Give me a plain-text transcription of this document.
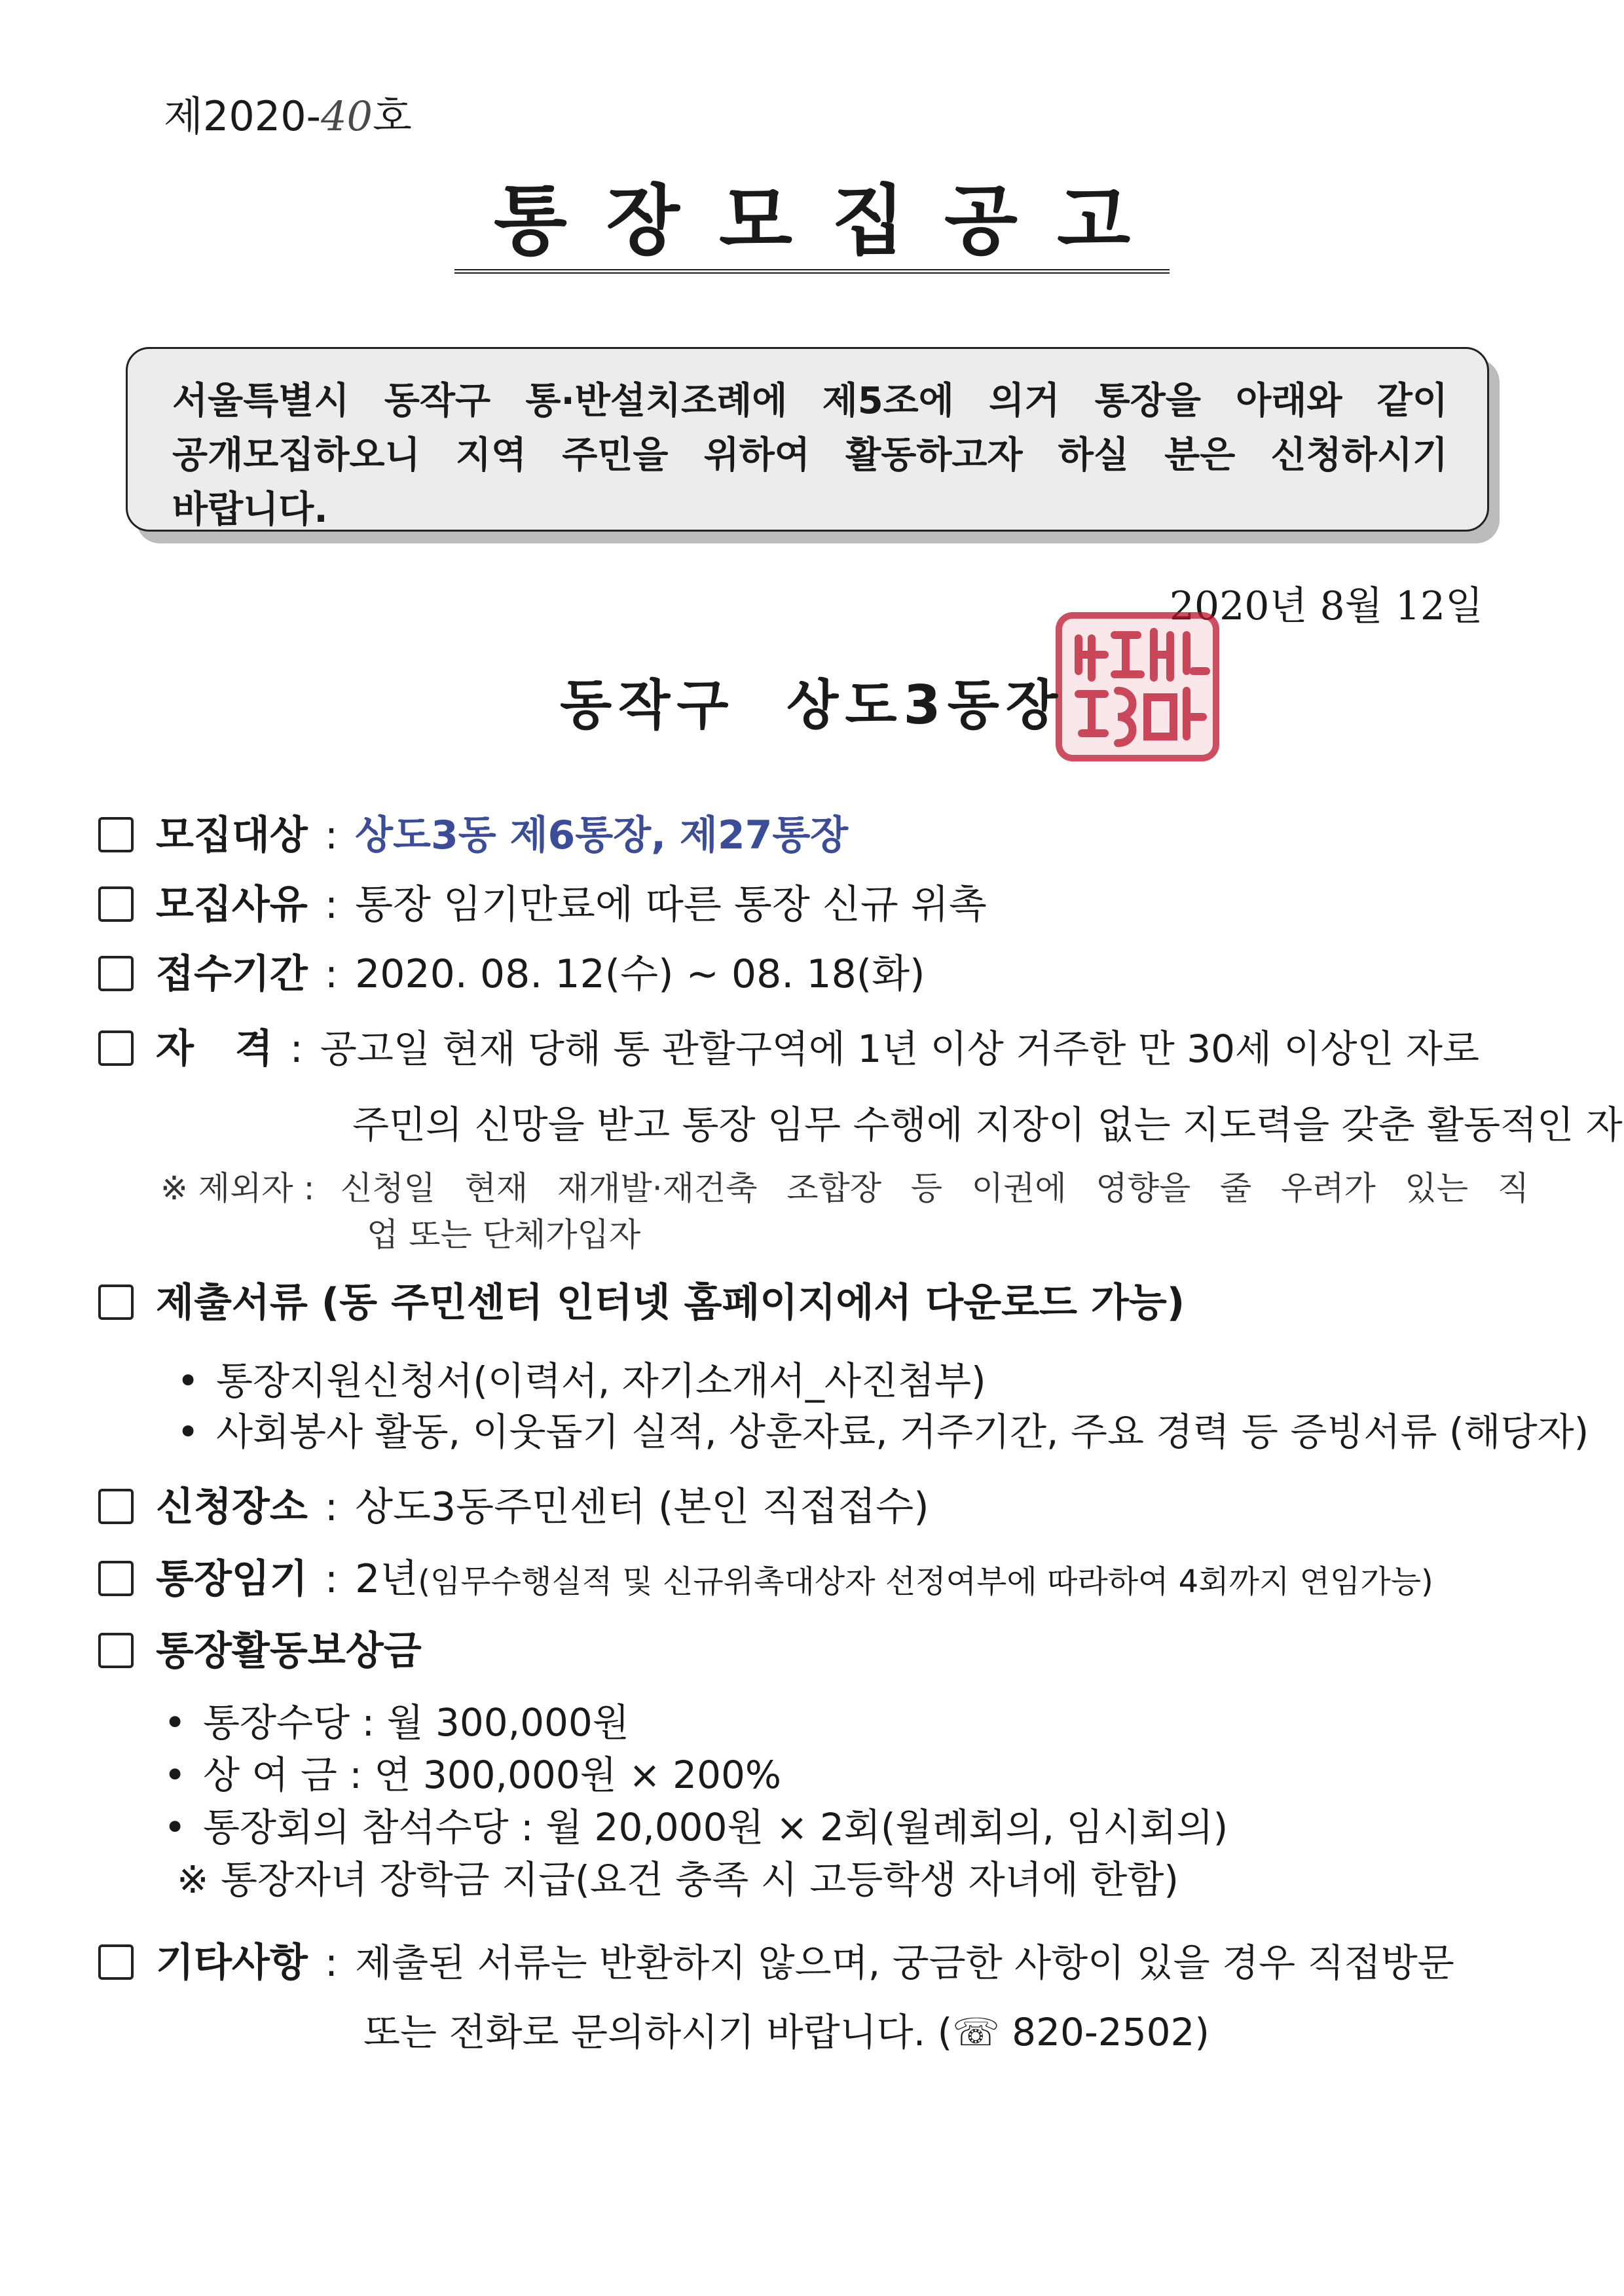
제2020-40호
통장모집공고

서울특별시 동작구 통·반설치조례에 제5조에 의거 통장을 아래와 같이

공개모집하오니 지역 주민을 위하여 활동하고자 하실 분은 신청하시기

바랍니다.

2020년 8월 12일
동작구 상도3동장
모집대상 : 상도3동 제6통장, 제27통장
모집사유 : 통장 임기만료에 따른 통장 신규 위촉
접수기간 : 2020. 08. 12(수) ~ 08. 18(화)
자   격 : 공고일 현재 당해 통 관할구역에 1년 이상 거주한 만 30세 이상인 자로
주민의 신망을 받고 통장 임무 수행에 지장이 없는 지도력을 갖춘 활동적인 자
※ 제외자 : 신청일 현재 재개발·재건축 조합장 등 이권에 영향을 줄 우려가 있는 직
업 또는 단체가입자
제출서류 (동 주민센터 인터넷 홈페이지에서 다운로드 가능)
• 통장지원신청서(이력서, 자기소개서_사진첨부)
• 사회봉사 활동, 이웃돕기 실적, 상훈자료, 거주기간, 주요 경력 등 증빙서류 (해당자)
신청장소 : 상도3동주민센터 (본인 직접접수)
통장임기 : 2년(임무수행실적 및 신규위촉대상자 선정여부에 따라하여 4회까지 연임가능)
통장활동보상금
• 통장수당 : 월 300,000원
• 상 여 금 : 연 300,000원 × 200%
• 통장회의 참석수당 : 월 20,000원 × 2회(월례회의, 임시회의)
※ 통장자녀 장학금 지급(요건 충족 시 고등학생 자녀에 한함)
기타사항 : 제출된 서류는 반환하지 않으며, 궁금한 사항이 있을 경우 직접방문
또는 전화로 문의하시기 바랍니다. (☏ 820-2502)
